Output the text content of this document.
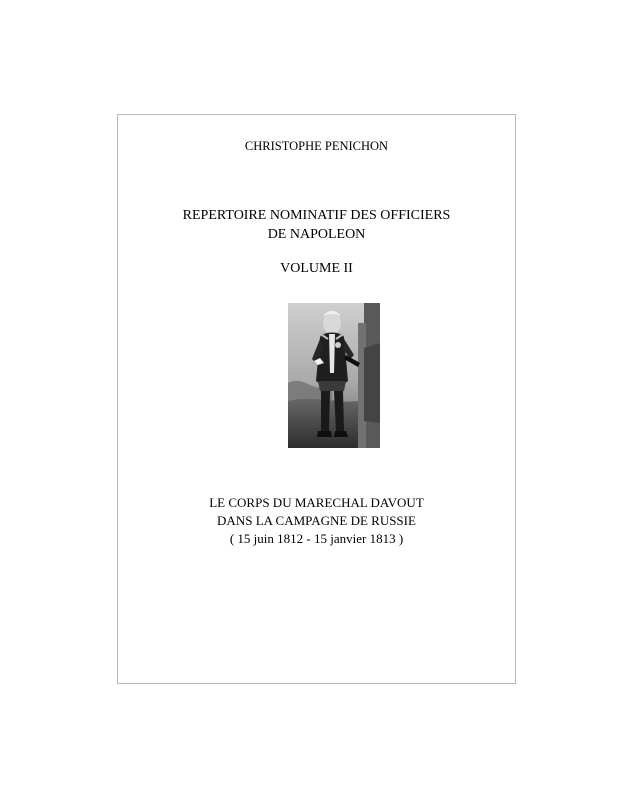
CHRISTOPHE PENICHON
REPERTOIRE NOMINATIF DES OFFICIERS
DE NAPOLEON
VOLUME II
LE CORPS DU MARECHAL DAVOUT
DANS LA CAMPAGNE DE RUSSIE
( 15 juin 1812 - 15 janvier 1813 )
